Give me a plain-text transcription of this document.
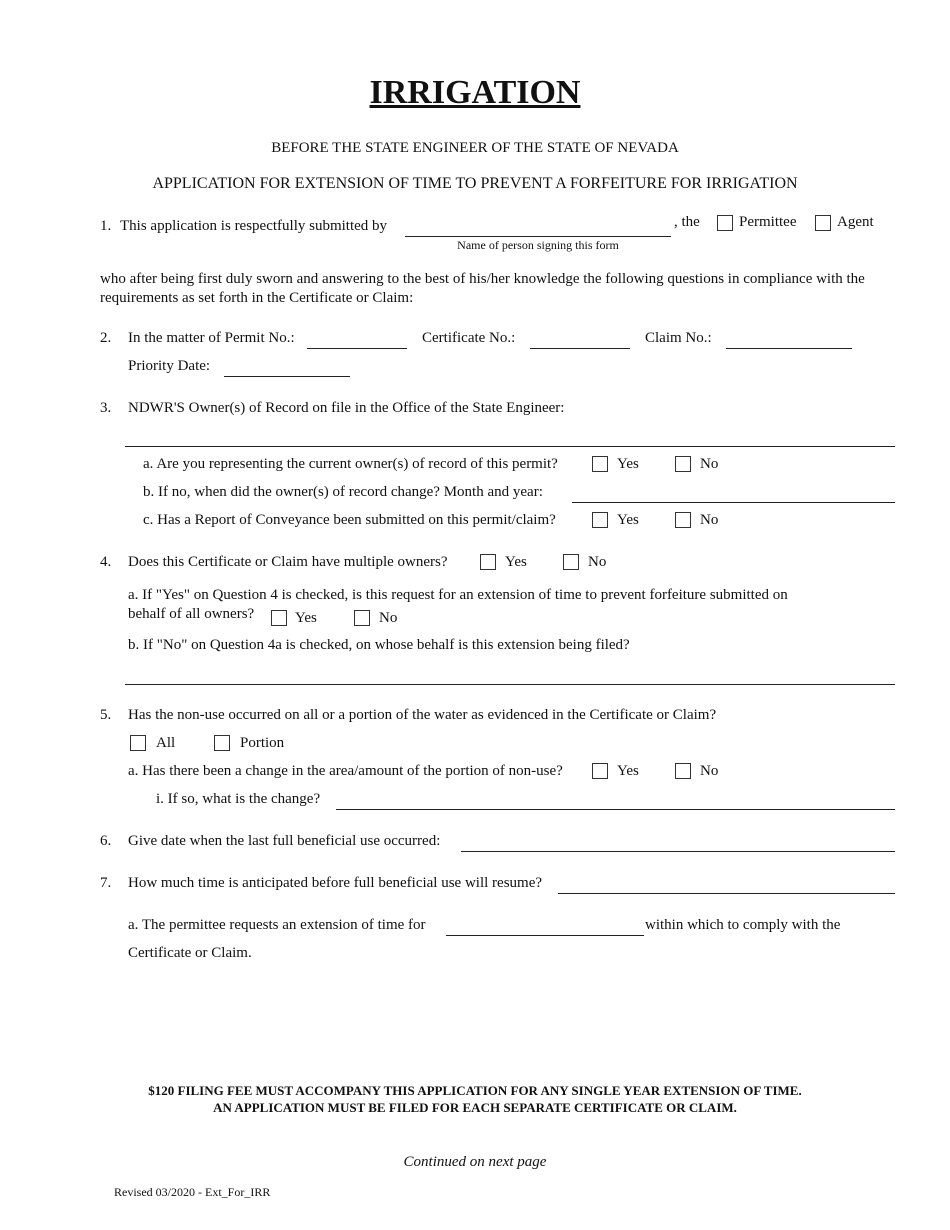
IRRIGATION
BEFORE THE STATE ENGINEER OF THE STATE OF NEVADA
APPLICATION FOR EXTENSION OF TIME TO PREVENT A FORFEITURE FOR IRRIGATION
1. This application is respectfully submitted by
Name of person signing this form
, the	Permittee	Agent
who after being first duly sworn and answering to the best of his/her knowledge the following questions in compliance with the requirements as set forth in the Certificate or Claim:
2. In the matter of Permit No.:	Certificate No.:	Claim No.:
Priority Date:
3. NDWR'S Owner(s) of Record on file in the Office of the State Engineer:
a. Are you representing the current owner(s) of record of this permit?	Yes	No
b. If no, when did the owner(s) of record change? Month and year:
c. Has a Report of Conveyance been submitted on this permit/claim?	Yes	No
4. Does this Certificate or Claim have multiple owners?	Yes	No
a. If "Yes" on Question 4 is checked, is this request for an extension of time to prevent forfeiture submitted on
behalf of all owners?	Yes	No
b. If "No" on Question 4a is checked, on whose behalf is this extension being filed?
5. Has the non-use occurred on all or a portion of the water as evidenced in the Certificate or Claim?
All	Portion
a. Has there been a change in the area/amount of the portion of non-use?	Yes	No
i. If so, what is the change?
6. Give date when the last full beneficial use occurred:
7. How much time is anticipated before full beneficial use will resume?
a. The permittee requests an extension of time for	within which to comply with the
Certificate or Claim.
$120 FILING FEE MUST ACCOMPANY THIS APPLICATION FOR ANY SINGLE YEAR EXTENSION OF TIME.
AN APPLICATION MUST BE FILED FOR EACH SEPARATE CERTIFICATE OR CLAIM.
Continued on next page
Revised 03/2020 - Ext_For_IRR
